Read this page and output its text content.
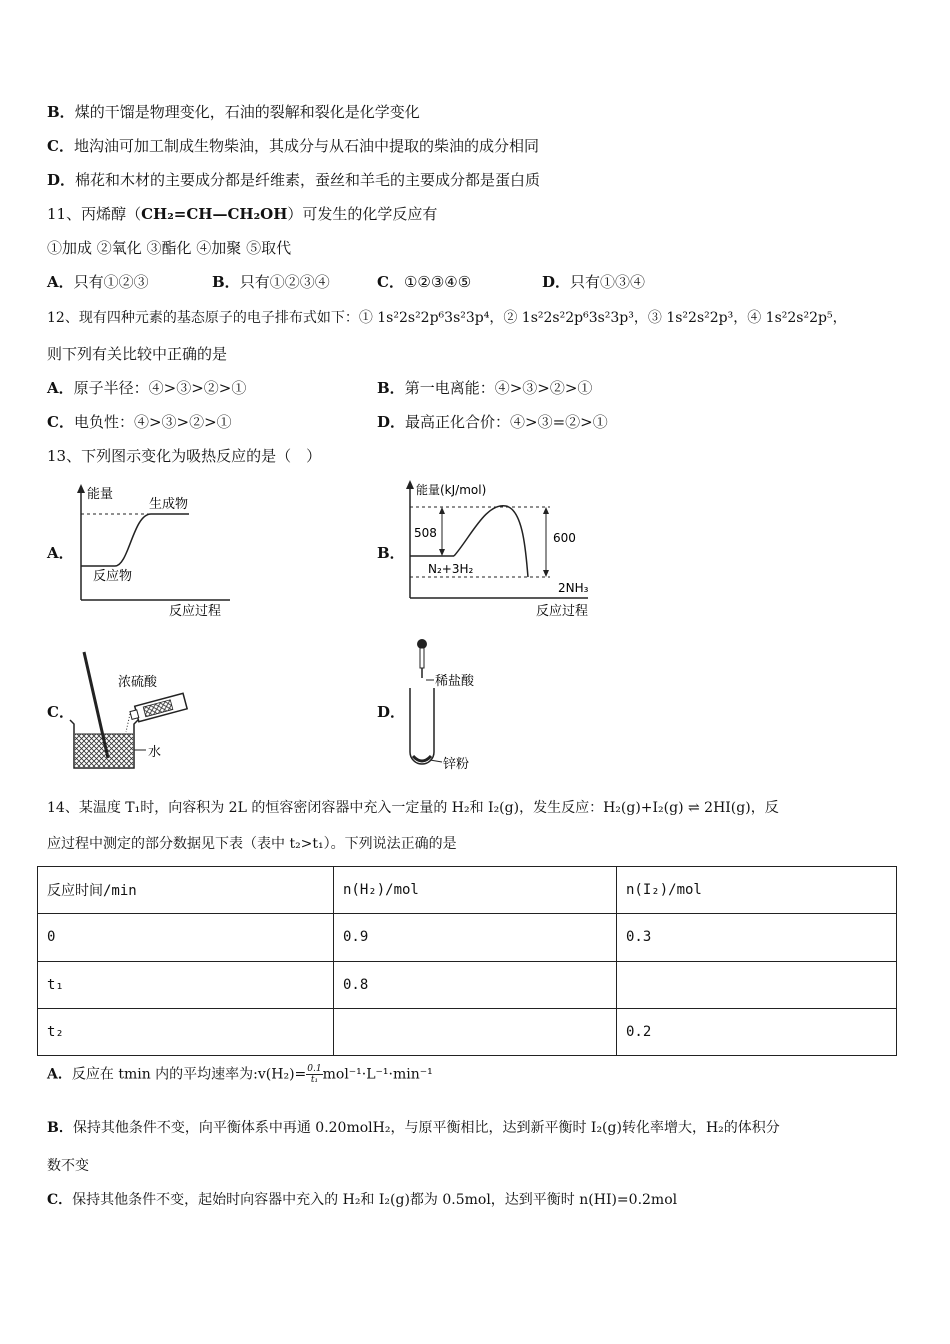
B．煤的干馏是物理变化，石油的裂解和裂化是化学变化
C．地沟油可加工制成生物柴油，其成分与从石油中提取的柴油的成分相同
D．棉花和木材的主要成分都是纤维素，蚕丝和羊毛的主要成分都是蛋白质
11、丙烯醇（CH₂=CH—CH₂OH）可发生的化学反应有
①加成 ②氧化 ③酯化 ④加聚 ⑤取代
A．只有①②③	B．只有①②③④	C．①②③④⑤	D．只有①③④
12、现有四种元素的基态原子的电子排布式如下：① 1s²2s²2p⁶3s²3p⁴，② 1s²2s²2p⁶3s²3p³，③ 1s²2s²2p³，④ 1s²2s²2p⁵，
则下列有关比较中正确的是
A．原子半径：④>③>②>①	B．第一电离能：④>③>②>①
C．电负性：④>③>②>①	D．最高正化合价：④>③=②>①
13、下列图示变化为吸热反应的是（　）
A．
能量
生成物
反应物
反应过程
B．
能量(kJ/mol)
508	600
N₂+3H₂
2NH₃
反应过程
C．
浓硫酸
水
D．
稀盐酸
锌粉
14、某温度 T₁时，向容积为 2L 的恒容密闭容器中充入一定量的 H₂和 I₂(g)，发生反应：H₂(g)+I₂(g) ⇌ 2HI(g)，反
应过程中测定的部分数据见下表（表中 t₂>t₁）。下列说法正确的是
反应时间/min	n(H₂)/mol	n(I₂)/mol
0	0.9	0.3
t₁	0.8	
t₂		0.2
A．反应在 tmin 内的平均速率为:v(H₂)= $\frac{0.1}{\text{t₁}} mol^{-1}\cdot L^{-1}\cdot\min^{-1}$
B．保持其他条件不变，向平衡体系中再通 0.20molH₂，与原平衡相比，达到新平衡时 I₂(g)转化率增大，H₂的体积分
数不变
C．保持其他条件不变，起始时向容器中充入的 H₂和 I₂(g)都为 0.5mol，达到平衡时 n(HI)=0.2mol
